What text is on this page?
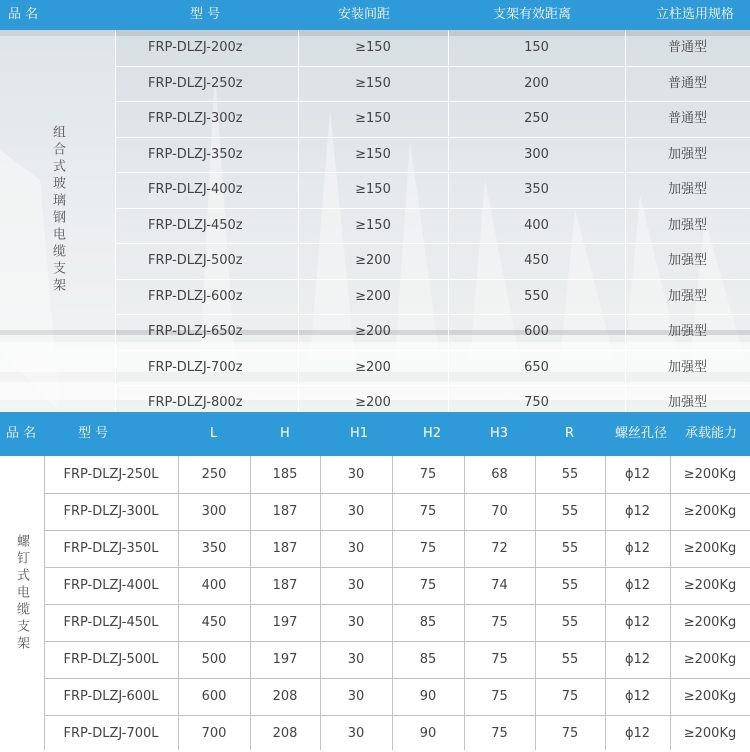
品 名	型 号	安装间距	支架有效距离	立柱选用规格
组合式玻璃钢电缆支架
FRP-DLZJ-200z	≥150	150	普通型
FRP-DLZJ-250z	≥150	200	普通型
FRP-DLZJ-300z	≥150	250	普通型
FRP-DLZJ-350z	≥150	300	加强型
FRP-DLZJ-400z	≥150	350	加强型
FRP-DLZJ-450z	≥150	400	加强型
FRP-DLZJ-500z	≥200	450	加强型
FRP-DLZJ-600z	≥200	550	加强型
FRP-DLZJ-650z	≥200	600	加强型
FRP-DLZJ-700z	≥200	650	加强型
FRP-DLZJ-800z	≥200	750	加强型
品 名	型 号	L	H	H1	H2	H3	R	螺丝孔径 承载能力
螺钉式电缆支架
FRP-DLZJ-250L	250	185	30	75	68	55	ϕ12	≥200Kg
FRP-DLZJ-300L	300	187	30	75	70	55	ϕ12	≥200Kg
FRP-DLZJ-350L	350	187	30	75	72	55	ϕ12	≥200Kg
FRP-DLZJ-400L	400	187	30	75	74	55	ϕ12	≥200Kg
FRP-DLZJ-450L	450	197	30	85	75	55	ϕ12	≥200Kg
FRP-DLZJ-500L	500	197	30	85	75	55	ϕ12	≥200Kg
FRP-DLZJ-600L	600	208	30	90	75	75	ϕ12	≥200Kg
FRP-DLZJ-700L	700	208	30	90	75	75	ϕ12	≥200Kg
